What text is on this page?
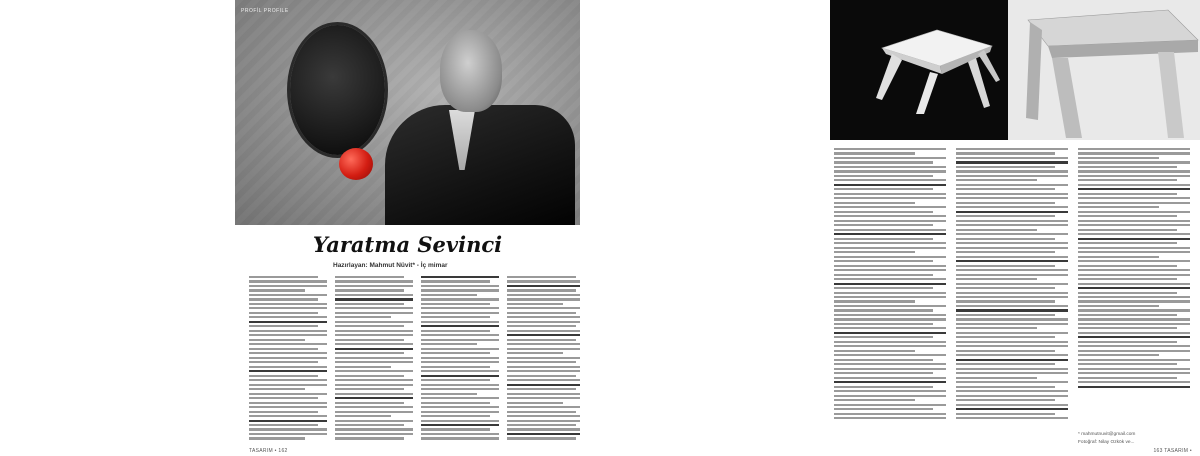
PROFİL PROFILE
Yaratma Sevinci
Hazırlayan: Mahmut Nüvit* - İç mimar
TASARIM • 162
* mahmutnuvit@gmail.com
Fotoğraf: Nilay Ozkök ve...
163 TASARIM •
